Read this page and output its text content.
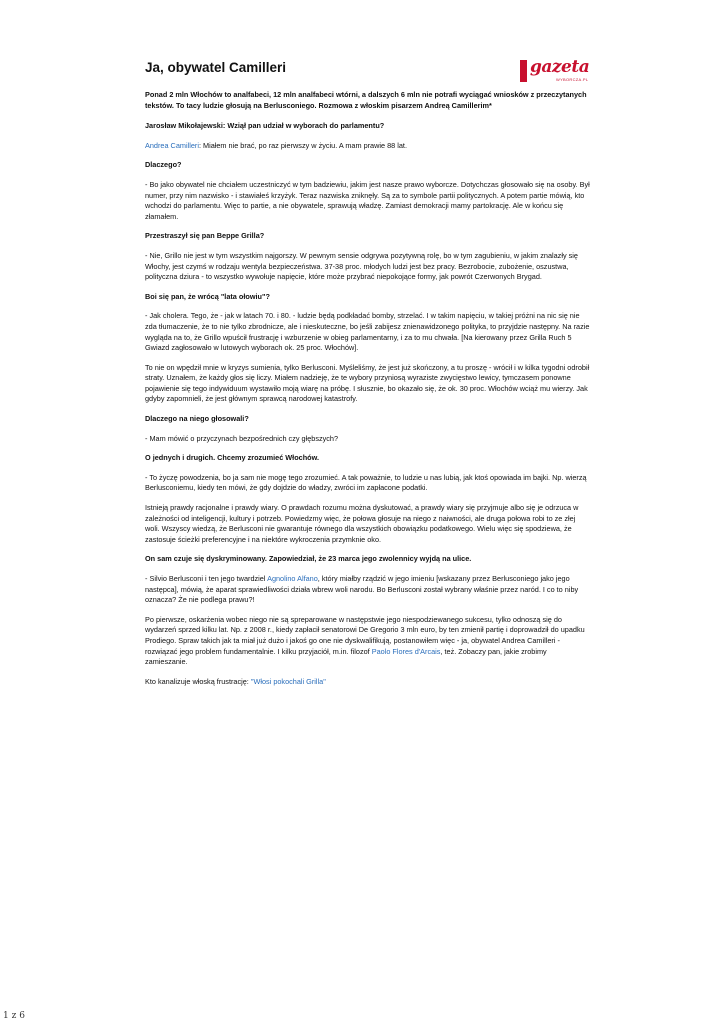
Ja, obywatel Camilleri	gazeta
WYBORCZA.PL

Ponad 2 mln Włochów to analfabeci, 12 mln analfabeci wtórni, a dalszych 6 mln nie potrafi wyciągać wniosków z przeczytanych tekstów. To tacy ludzie głosują na Berlusconiego. Rozmowa z włoskim pisarzem Andreą Camillerim*

Jarosław Mikołajewski: Wziął pan udział w wyborach do parlamentu?

Andrea Camilleri: Miałem nie brać, po raz pierwszy w życiu. A mam prawie 88 lat.

Dlaczego?

- Bo jako obywatel nie chciałem uczestniczyć w tym badziewiu, jakim jest nasze prawo wyborcze. Dotychczas głosowało się na osoby. Był numer, przy nim nazwisko - i stawiałeś krzyżyk. Teraz nazwiska zniknęły. Są za to symbole partii politycznych. A potem partie mówią, kto wchodzi do parlamentu. Więc to partie, a nie obywatele, sprawują władzę. Zamiast demokracji mamy partokrację. Ale w końcu się złamałem.

Przestraszył się pan Beppe Grilla?

- Nie, Grillo nie jest w tym wszystkim najgorszy. W pewnym sensie odgrywa pozytywną rolę, bo w tym zagubieniu, w jakim znalazły się Włochy, jest czymś w rodzaju wentyla bezpieczeństwa. 37-38 proc. młodych ludzi jest bez pracy. Bezrobocie, zubożenie, oszustwa, polityczna dziura - to wszystko wywołuje napięcie, które może przybrać niepokojące formy, jak powrót Czerwonych Brygad.

Boi się pan, że wrócą "lata ołowiu"?

- Jak cholera. Tego, że - jak w latach 70. i 80. - ludzie będą podkładać bomby, strzelać. I w takim napięciu, w takiej próżni na nic się nie zda tłumaczenie, że to nie tylko zbrodnicze, ale i nieskuteczne, bo jeśli zabijesz znienawidzonego polityka, to przyjdzie następny. Na razie wygląda na to, że Grillo wpuścił frustrację i wzburzenie w obieg parlamentarny, i za to mu chwała. [Na kierowany przez Grilla Ruch 5 Gwiazd zagłosowało w lutowych wyborach ok. 25 proc. Włochów].

To nie on wpędził mnie w kryzys sumienia, tylko Berlusconi. Myśleliśmy, że jest już skończony, a tu proszę - wrócił i w kilka tygodni odrobił straty. Uznałem, że każdy głos się liczy. Miałem nadzieję, że te wybory przyniosą wyraziste zwycięstwo lewicy, tymczasem ponowne pojawienie się tego indywiduum wystawiło moją wiarę na próbę. I słusznie, bo okazało się, że ok. 30 proc. Włochów wciąż mu wierzy. Jak gdyby zapomnieli, że jest głównym sprawcą narodowej katastrofy.

Dlaczego na niego głosowali?

- Mam mówić o przyczynach bezpośrednich czy głębszych?

O jednych i drugich. Chcemy zrozumieć Włochów.

- To życzę powodzenia, bo ja sam nie mogę tego zrozumieć. A tak poważnie, to ludzie u nas lubią, jak ktoś opowiada im bajki. Np. wierzą Berlusconiemu, kiedy ten mówi, że gdy dojdzie do władzy, zwróci im zapłacone podatki.

Istnieją prawdy racjonalne i prawdy wiary. O prawdach rozumu można dyskutować, a prawdy wiary się przyjmuje albo się je odrzuca w zależności od inteligencji, kultury i potrzeb. Powiedzmy więc, że połowa głosuje na niego z naiwności, ale druga połowa robi to ze złej woli. Wszyscy wiedzą, że Berlusconi nie gwarantuje równego dla wszystkich obowiązku podatkowego. Wielu więc się spodziewa, że zastosuje ścieżki preferencyjne i na niektóre wykroczenia przymknie oko.

On sam czuje się dyskryminowany. Zapowiedział, że 23 marca jego zwolennicy wyjdą na ulice.

- Silvio Berlusconi i ten jego twardziel Agnolino Alfano, który miałby rządzić w jego imieniu [wskazany przez Berlusconiego jako jego następca], mówią, że aparat sprawiedliwości działa wbrew woli narodu. Bo Berlusconi został wybrany właśnie przez naród. I co to niby oznacza? Że nie podlega prawu?!

Po pierwsze, oskarżenia wobec niego nie są spreparowane w następstwie jego niespodziewanego sukcesu, tylko odnoszą się do wydarzeń sprzed kilku lat. Np. z 2008 r., kiedy zapłacił senatorowi De Gregorio 3 mln euro, by ten zmienił partię i doprowadził do upadku Prodiego. Spraw takich jak ta miał już dużo i jakoś go one nie dyskwalifikują, postanowiłem więc - ja, obywatel Andrea Camilleri - rozwiązać jego problem fundamentalnie. I kilku przyjaciół, m.in. filozof Paolo Flores d'Arcais, też. Zobaczy pan, jakie zrobimy zamieszanie.

Kto kanalizuje włoską frustrację: "Włosi pokochali Grilla"

1 z 6
